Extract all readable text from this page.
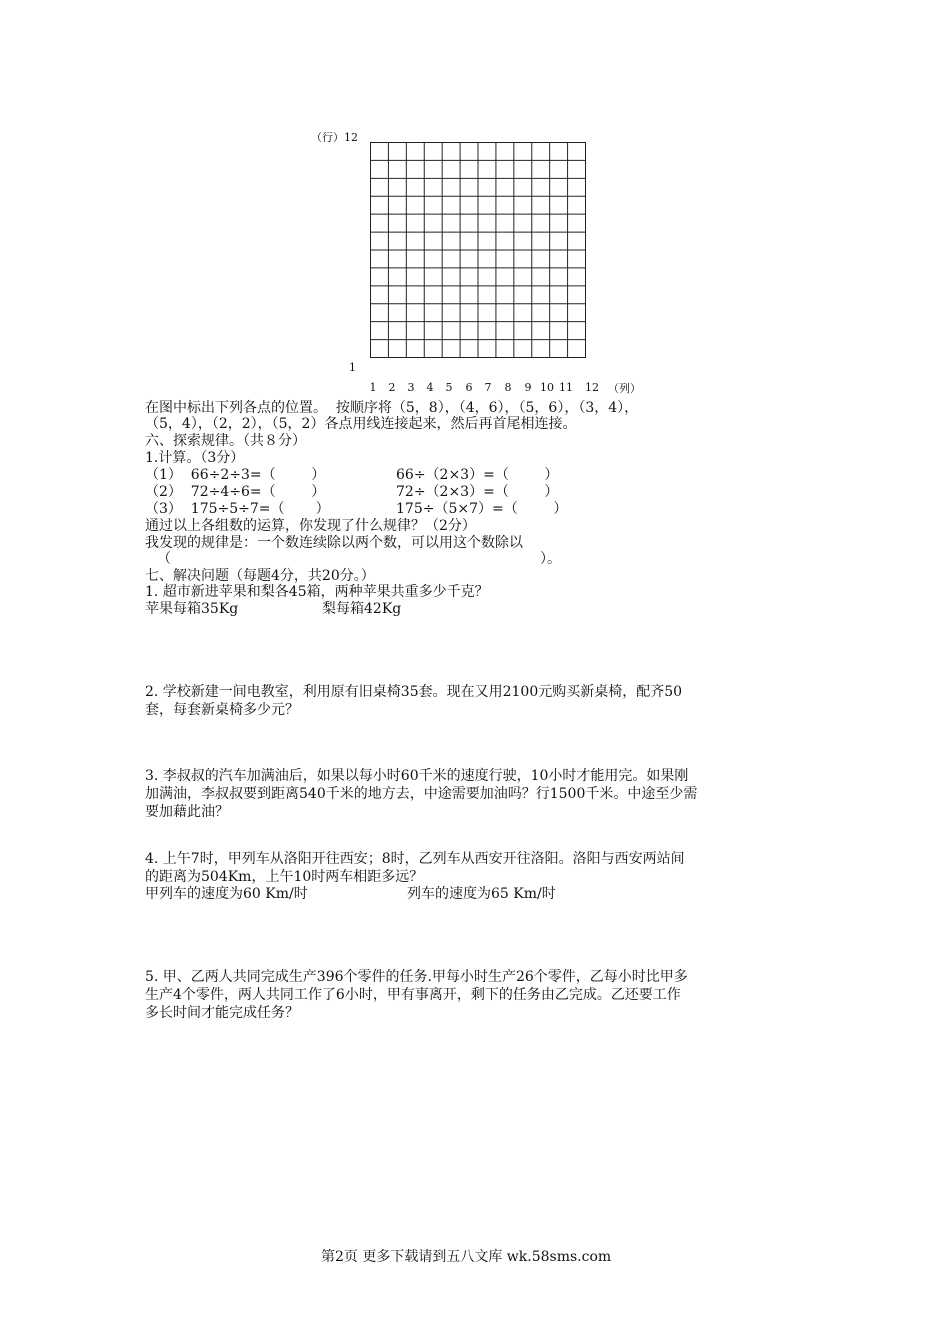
（行）12
1
1	2	3	4	5	6	7	8	9 10 11 12 （列）
在图中标出下列各点的位置。  按顺序将（5，8），（4，6），（5，6），（3，4），
（5，4），（2，2），（5，2）各点用线连接起来，然后再首尾相连接。
六、探索规律。（共８分）
1.计算。（3分）
（1）  66÷2÷3=（        ）	66÷（2×3）=（        ）
（2）  72÷4÷6=（        ）	72÷（2×3）=（        ）
（3）  175÷5÷7=（       ）	175÷（5×7）=（        ）
通过以上各组数的运算，你发现了什么规律？（2分）
我发现的规律是：一个数连续除以两个数，可以用这个数除以
（	）。
七、解决问题（每题4分，共20分。）
1. 超市新进苹果和梨各45箱，两种苹果共重多少千克？
苹果每箱35Kg	梨每箱42Kg
2. 学校新建一间电教室，利用原有旧桌椅35套。现在又用2100元购买新桌椅，配齐50
套，每套新桌椅多少元？
3. 李叔叔的汽车加满油后，如果以每小时60千米的速度行驶，10小时才能用完。如果刚
加满油，李叔叔要到距离540千米的地方去，中途需要加油吗？行1500千米。中途至少需
要加藉此油？
4. 上午7时，甲列车从洛阳开往西安；8时，乙列车从西安开往洛阳。洛阳与西安两站间
的距离为504Km，上午10时两车相距多远？
甲列车的速度为60 Km/时	列车的速度为65 Km/时
5. 甲、乙两人共同完成生产396个零件的任务.甲每小时生产26个零件，乙每小时比甲多
生产4个零件，两人共同工作了6小时，甲有事离开，剩下的任务由乙完成。乙还要工作
多长时间才能完成任务？
第2页 更多下载请到五八文库 wk.58sms.com
